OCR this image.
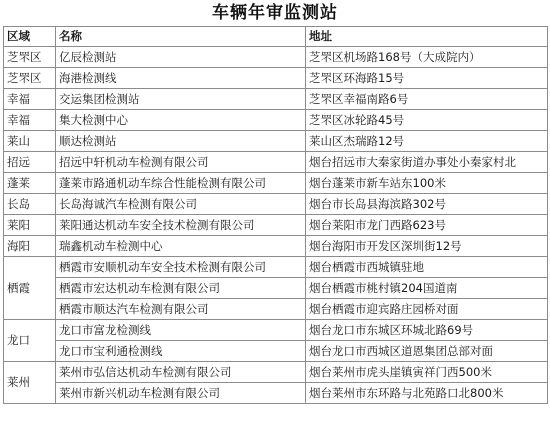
车辆年审监测站
区域	名称	地址
芝罘区	亿辰检测站	芝罘区机场路168号（大成院内）
芝罘区	海港检测线	芝罘区环海路15号
幸福	交运集团检测站	芝罘区幸福南路6号
幸福	集大检测中心	芝罘区冰轮路45号
莱山	顺达检测站	莱山区杰瑞路12号
招远	招远中轩机动车检测有限公司	烟台招远市大秦家街道办事处小秦家村北
蓬莱	蓬莱市路通机动车综合性能检测有限公司	烟台蓬莱市新车站东100米
长岛	长岛海诚汽车检测有限公司	烟台市长岛县海滨路302号
莱阳	莱阳通达机动车安全技术检测有限公司	烟台莱阳市龙门西路623号
海阳	瑞鑫机动车检测中心	烟台海阳市开发区深圳街12号
栖霞	栖霞市安顺机动车安全技术检测有限公司	烟台栖霞市西城镇驻地
	栖霞市宏达机动车检测有限公司	烟台栖霞市桃村镇204国道南
	栖霞市顺达汽车检测有限公司	烟台栖霞市迎宾路庄园桥对面
龙口	龙口市富龙检测线	烟台龙口市东城区环城北路69号
	龙口市宝利通检测线	烟台龙口市西城区道恩集团总部对面
莱州	莱州市弘信达机动车检测有限公司	烟台莱州市虎头崖镇寅祥门西500米
	莱州市新兴机动车检测有限公司	烟台莱州市东环路与北苑路口北800米
